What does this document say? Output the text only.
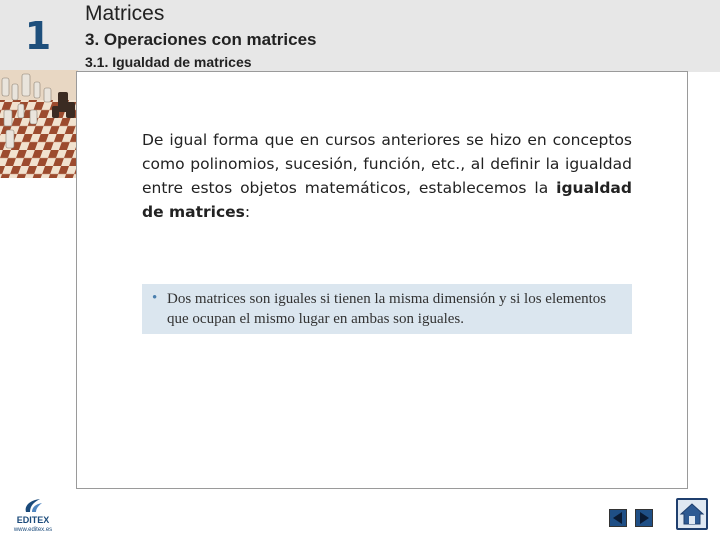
1
Matrices
3. Operaciones con matrices
3.1. Igualdad de matrices
De igual forma que en cursos anteriores se hizo en conceptos como polinomios, sucesión, función, etc., al definir la igualdad entre estos objetos matemáticos, establecemos la igualdad de matrices:
• Dos matrices son iguales si tienen la misma dimensión y si los elementos que ocupan el mismo lugar en ambas son iguales.
EDITEX
www.editex.es
